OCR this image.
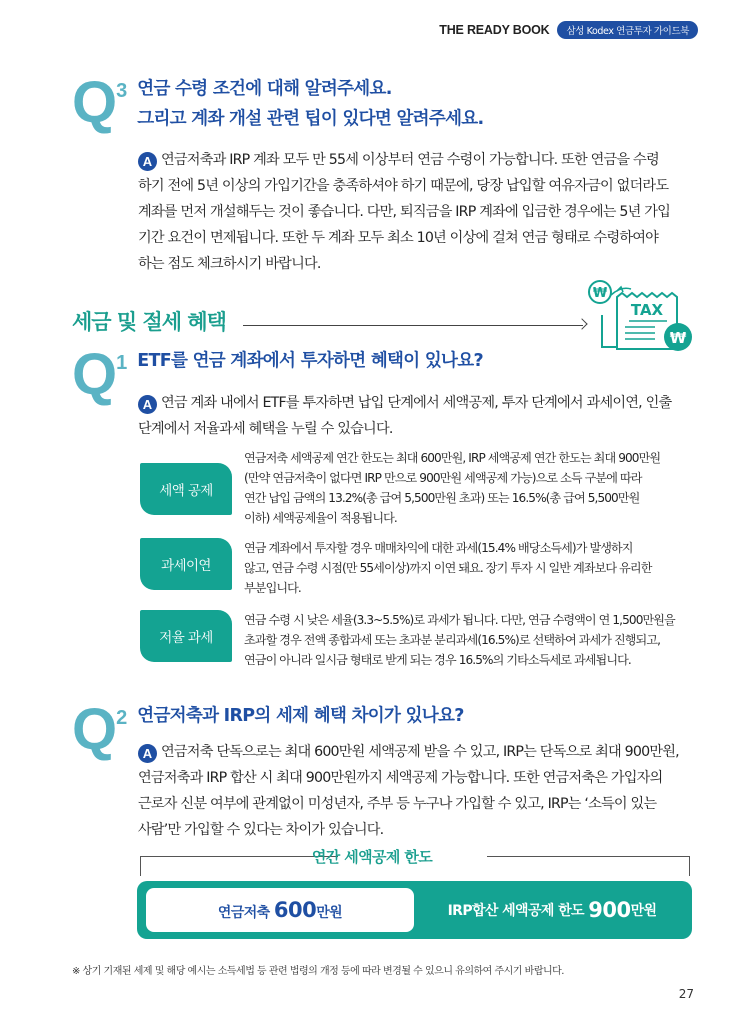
THE READY BOOK	삼성 Kodex 연금투자 가이드북
Q 3 연금 수령 조건에 대해 알려주세요.
그리고 계좌 개설 관련 팁이 있다면 알려주세요.
A 연금저축과 IRP 계좌 모두 만 55세 이상부터 연금 수령이 가능합니다. 또한 연금을 수령
하기 전에 5년 이상의 가입기간을 충족하셔야 하기 때문에, 당장 납입할 여유자금이 없더라도
계좌를 먼저 개설해두는 것이 좋습니다. 다만, 퇴직금을 IRP 계좌에 입금한 경우에는 5년 가입
기간 요건이 면제됩니다. 또한 두 계좌 모두 최소 10년 이상에 걸쳐 연금 형태로 수령하여야
하는 점도 체크하시기 바랍니다.
세금 및 절세 혜택
₩
TAX
₩
Q 1 ETF를 연금 계좌에서 투자하면 혜택이 있나요?
A 연금 계좌 내에서 ETF를 투자하면 납입 단계에서 세액공제, 투자 단계에서 과세이연, 인출
단계에서 저율과세 혜택을 누릴 수 있습니다.
세액 공제
연금저축 세액공제 연간 한도는 최대 600만원, IRP 세액공제 연간 한도는 최대 900만원
(만약 연금저축이 없다면 IRP 만으로 900만원 세액공제 가능)으로 소득 구분에 따라
연간 납입 금액의 13.2%(총 급여 5,500만원 초과) 또는 16.5%(총 급여 5,500만원
이하) 세액공제율이 적용됩니다.
과세이연
연금 계좌에서 투자할 경우 매매차익에 대한 과세(15.4% 배당소득세)가 발생하지
않고, 연금 수령 시점(만 55세이상)까지 이연 돼요. 장기 투자 시 일반 계좌보다 유리한
부분입니다.
저율 과세
연금 수령 시 낮은 세율(3.3~5.5%)로 과세가 됩니다. 다만, 연금 수령액이 연 1,500만원을
초과할 경우 전액 종합과세 또는 초과분 분리과세(16.5%)로 선택하여 과세가 진행되고,
연금이 아니라 일시금 형태로 받게 되는 경우 16.5%의 기타소득세로 과세됩니다.
Q 2 연금저축과 IRP의 세제 혜택 차이가 있나요?
A 연금저축 단독으로는 최대 600만원 세액공제 받을 수 있고, IRP는 단독으로 최대 900만원,
연금저축과 IRP 합산 시 최대 900만원까지 세액공제 가능합니다. 또한 연금저축은 가입자의
근로자 신분 여부에 관계없이 미성년자, 주부 등 누구나 가입할 수 있고, IRP는 ‘소득이 있는
사람’만 가입할 수 있다는 차이가 있습니다.
연간 세액공제 한도
연금저축 600만원	IRP합산 세액공제 한도
900 만원
※ 상기 기재된 세제 및 해당 예시는 소득세법 등 관련 법령의 개정 등에 따라 변경될 수 있으니 유의하여 주시기 바랍니다.
27
